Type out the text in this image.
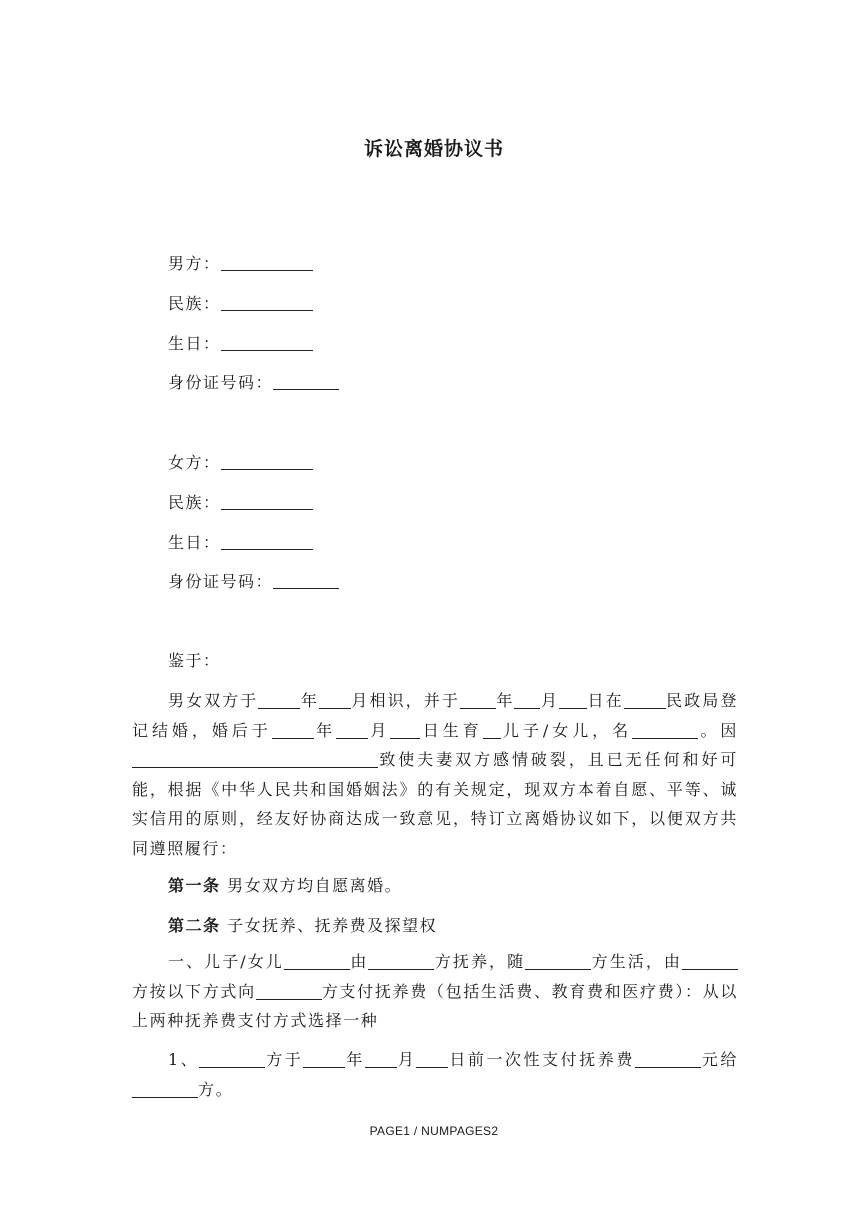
诉讼离婚协议书
男方：
民族：
生日：
身份证号码：
女方：
民族：
生日：
身份证号码：
鉴于：

男女双方于	年 月相识，并于 年 月 日在	民政局登记结婚，婚后于	年 月 日生育 儿子/女儿，名	。因致使夫妻双方感情破裂，且已无任何和好可能，根据《中华人民共和国婚姻法》的有关规定，现双方本着自愿、平等、诚实信用的原则，经友好协商达成一致意见，特订立离婚协议如下，以便双方共同遵照履行：

第一条 男女双方均自愿离婚。
第二条 子女抚养、抚养费及探望权

一、儿子/女儿	由	方抚养，随	方生活，由方按以下方式向	方支付抚养费（包括生活费、教育费和医疗费）：从以上两种抚养费支付方式选择一种

1、	方于	年 月 日前一次性支付抚养费	元给方。

PAGE1 / NUMPAGES2
